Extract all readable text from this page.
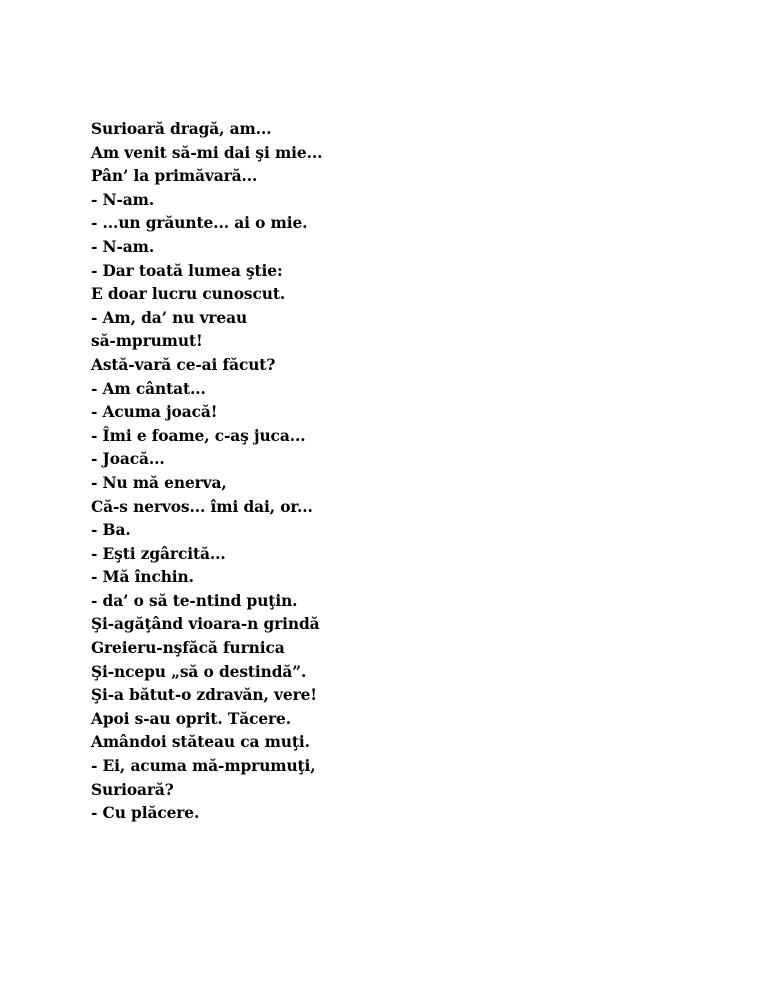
Surioară dragă, am...
Am venit să-mi dai şi mie...
Pân’ la primăvară...
- N-am.
- ...un grăunte... ai o mie.
- N-am.
- Dar toată lumea ştie:
E doar lucru cunoscut.
- Am, da’ nu vreau
să-mprumut!
Astă-vară ce-ai făcut?
- Am cântat...
- Acuma joacă!
- Îmi e foame, c-aş juca...
- Joacă...
- Nu mă enerva,
Că-s nervos... îmi dai, or...
- Ba.
- Eşti zgârcită...
- Mă închin.
- da’ o să te-ntind puţin.
Şi-agăţând vioara-n grindă
Greieru-nşfăcă furnica
Şi-ncepu „să o destindă”.
Şi-a bătut-o zdravăn, vere!
Apoi s-au oprit. Tăcere.
Amândoi stăteau ca muţi.
- Ei, acuma mă-mprumuţi,
Surioară?
- Cu plăcere.
